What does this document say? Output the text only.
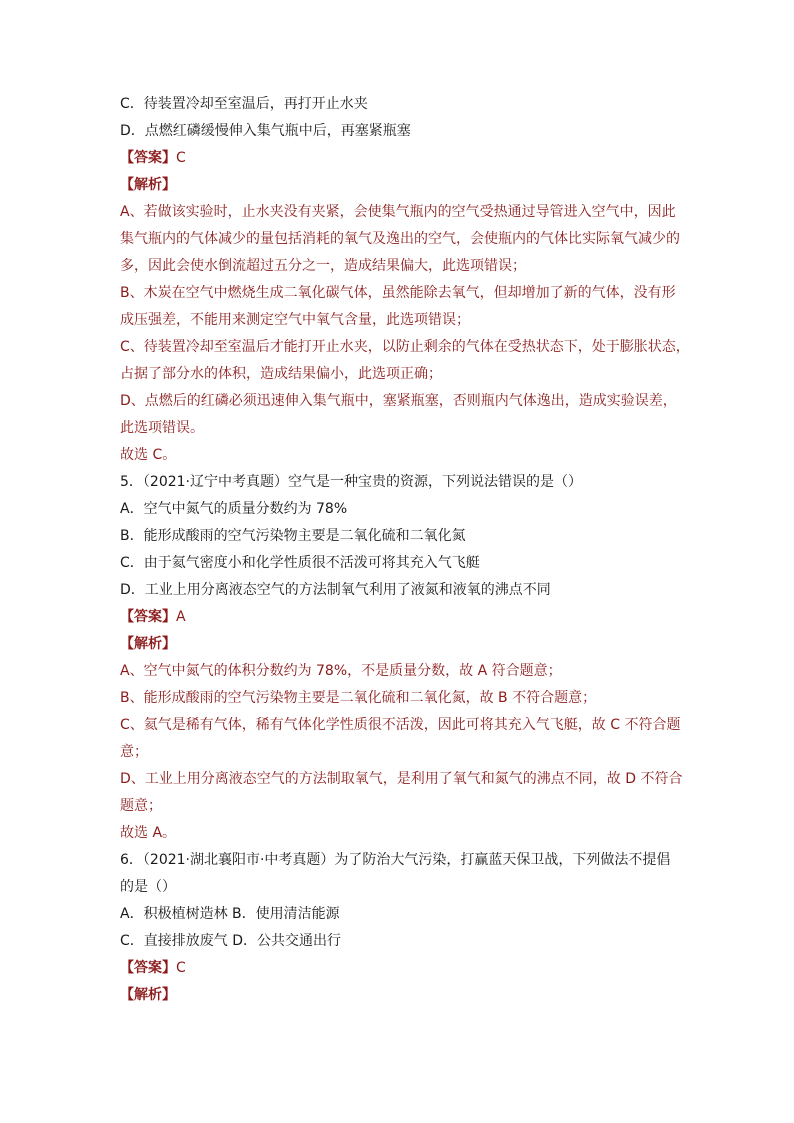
C．待装置冷却至室温后，再打开止水夹
D．点燃红磷缓慢伸入集气瓶中后，再塞紧瓶塞
【答案】C
【解析】
A、若做该实验时，止水夹没有夹紧，会使集气瓶内的空气受热通过导管进入空气中，因此
集气瓶内的气体减少的量包括消耗的氧气及逸出的空气，会使瓶内的气体比实际氧气减少的
多，因此会使水倒流超过五分之一，造成结果偏大，此选项错误；
B、木炭在空气中燃烧生成二氧化碳气体，虽然能除去氧气，但却增加了新的气体，没有形
成压强差，不能用来测定空气中氧气含量，此选项错误；
C、待装置冷却至室温后才能打开止水夹，以防止剩余的气体在受热状态下，处于膨胀状态，
占据了部分水的体积，造成结果偏小，此选项正确；
D、点燃后的红磷必须迅速伸入集气瓶中，塞紧瓶塞，否则瓶内气体逸出，造成实验误差，
此选项错误。
故选 C。
5．（2021·辽宁中考真题）空气是一种宝贵的资源，下列说法错误的是（）
A．空气中氮气的质量分数约为 78%
B．能形成酸雨的空气污染物主要是二氧化硫和二氧化氮
C．由于氦气密度小和化学性质很不活泼可将其充入气飞艇
D．工业上用分离液态空气的方法制氧气利用了液氮和液氧的沸点不同
【答案】A
【解析】
A、空气中氮气的体积分数约为 78%，不是质量分数，故 A 符合题意；
B、能形成酸雨的空气污染物主要是二氧化硫和二氧化氮，故 B 不符合题意；
C、氦气是稀有气体，稀有气体化学性质很不活泼，因此可将其充入气飞艇，故 C 不符合题
意；
D、工业上用分离液态空气的方法制取氧气，是利用了氧气和氮气的沸点不同，故 D 不符合
题意；
故选 A。
6．（2021·湖北襄阳市·中考真题）为了防治大气污染，打赢蓝天保卫战，下列做法不提倡
的是（）
A．积极植树造林 B．使用清洁能源
C．直接排放废气 D．公共交通出行
【答案】C
【解析】
